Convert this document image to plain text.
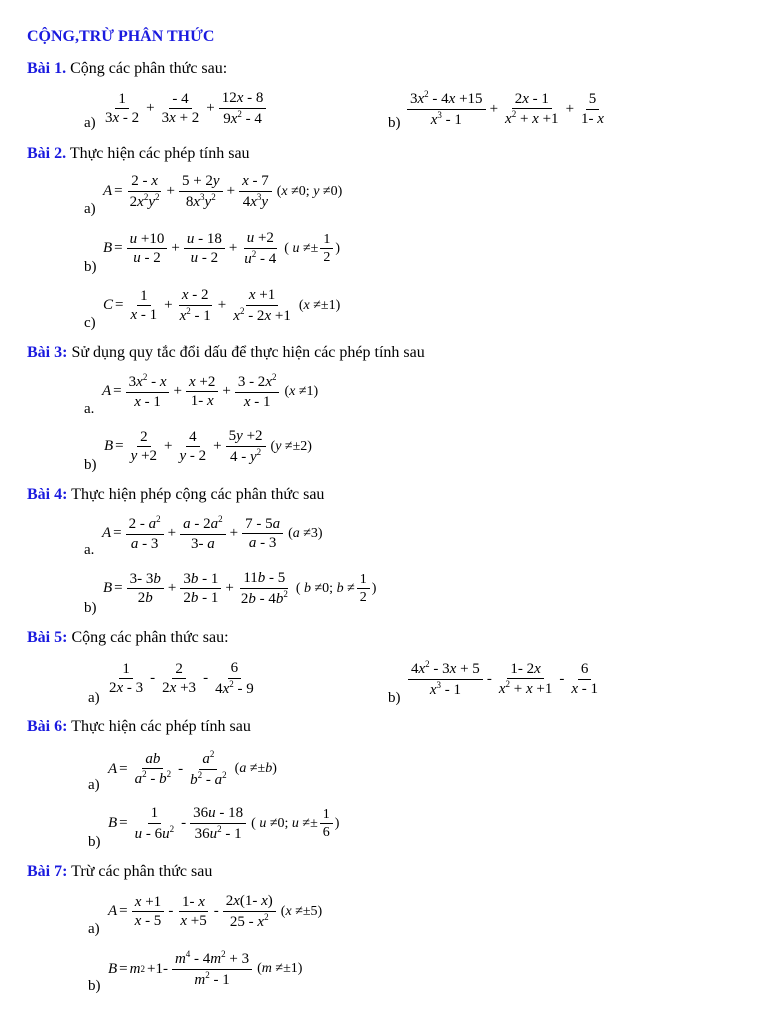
CỘNG,TRỪ PHÂN THỨC
Bài 1. Cộng các phân thức sau:
$a) \frac{1}{3x - 2} + \frac{- 4}{3x + 2} + \frac{12x - 8}{9x^2 - 4}$	$b) \frac{3x^2 - 4x +15}{x^3 - 1} + \frac{2x - 1}{x^2 + x +1} + \frac{5}{1- x}$
Bài 2. Thực hiện các phép tính sau
a)
$A = \frac{2 - x}{2x^2y^2} + \frac{5 + 2y}{8x^3y^2} + \frac{x - 7}{4x^3y} (x \ne 0$; y ≠0)
b)
$B = \frac{u +10}{u - 2} + \frac{u - 18}{u - 2} + \frac{u +2}{u^2 - 4}$ ( $u \ne\pm \frac{1}{2}$ )
c)
$C = \frac{1}{x - 1} + \frac{x - 2}{x^2 - 1} + \frac{x +1}{x^2 - 2x +1} (x \ne\pm 1)$
Bài 3: Sử dụng quy tắc đổi dấu để thực hiện các phép tính sau
a.
$A = \frac{3x^2 - x}{x - 1} + \frac{x +2}{1- x} + \frac{3 - 2x^2}{x - 1} (x \ne 1)$
b)
$B = \frac{2}{y +2} + \frac{4}{y - 2} + \frac{5y +2}{4 - y^2} (y \ne\pm 2)$
Bài 4: Thực hiện phép cộng các phân thức sau
a.
$A = \frac{2 - a^2}{a - 3} + \frac{a - 2a^2}{3- a} + \frac{7 - 5a}{a - 3} (a \ne 3)$
b)
$B = \frac{3- 3b}{2b} + \frac{3b - 1}{2b - 1} + \frac{11b - 5}{2b - 4b^2}$ ( b ≠0; $b \ne \frac{1}{2}$ )
Bài 5: Cộng các phân thức sau:
a)
$\frac{1}{2x - 3} - \frac{2}{2x +3} - \frac{6}{4x^2 - 9}$
$b) \frac{4x^2 - 3x + 5}{x^3 - 1} - \frac{1- 2x}{x^2 + x +1} - \frac{6}{x - 1}$
Bài 6: Thực hiện các phép tính sau
a)
$A = \frac{ab}{a^2 - b^2} - \frac{a^2}{b^2 - a^2} (a \ne\pm b)$
b)
$B = \frac{1}{u - 6u^2} - \frac{36u - 18}{36u^2 - 1}$ ( u ≠0; $u \ne\pm \frac{1}{6}$ )
Bài 7: Trừ các phân thức sau
a)
$A = \frac{x +1}{x - 5} - \frac{1- x}{x +5} - \frac{2x(1- x)}{25 - x^2} (x \ne\pm 5)$
b)
B = m $2 +1- \frac{m^4 - 4m^2 + 3}{m^2 - 1} (m \ne\pm 1)$
